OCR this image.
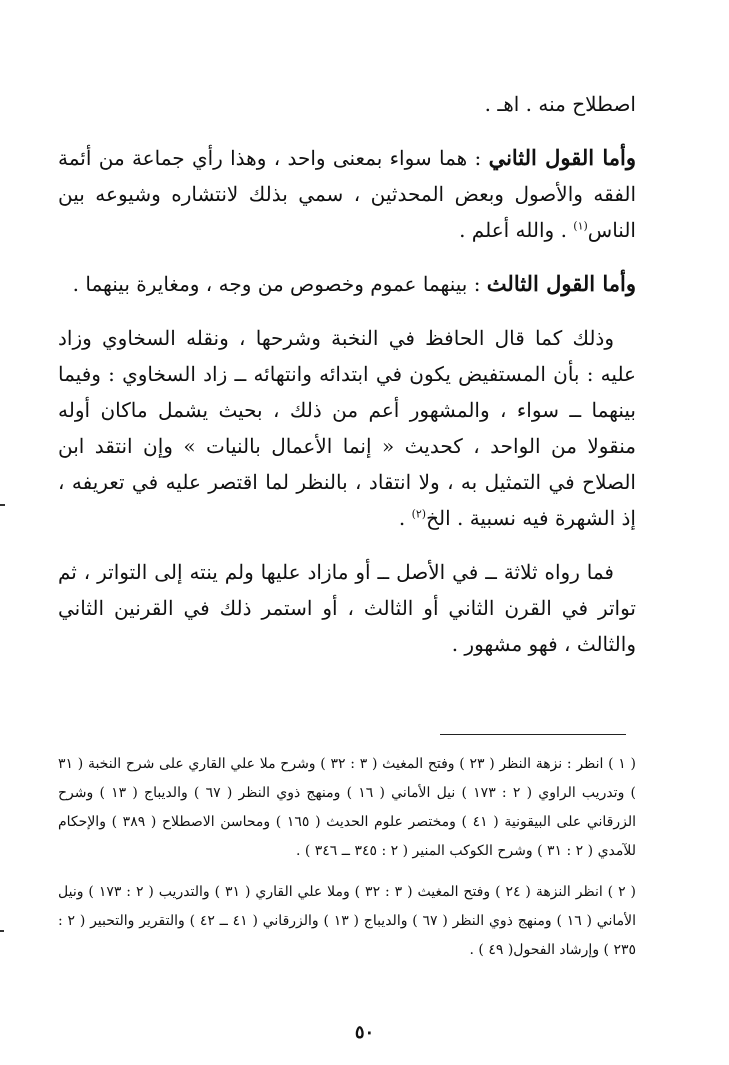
اصطلاح منه . اهـ .

وأما القول الثاني : هما سواء بمعنى واحد ، وهذا رأي جماعة من أئمة الفقه والأصول وبعض المحدثين ، سمي بذلك لانتشاره وشيوعه بين الناس$^{(١)}$ . والله أعلم .

وأما القول الثالث : بينهما عموم وخصوص من وجه ، ومغايرة بينهما .

وذلك كما قال الحافظ في النخبة وشرحها ، ونقله السخاوي وزاد عليه : بأن المستفيض يكون في ابتدائه وانتهائه ــ زاد السخاوي : وفيما بينهما ــ سواء ، والمشهور أعم من ذلك ، بحيث يشمل ماكان أوله منقولا من الواحد ، كحديث « إنما الأعمال بالنيات » وإن انتقد ابن الصلاح في التمثيل به ، ولا انتقاد ، بالنظر لما اقتصر عليه في تعريفه ، إذ الشهرة فيه نسبية . الخ$^{(٢)}$ .

فما رواه ثلاثة ــ في الأصل ــ أو مازاد عليها ولم ينته إلى التواتر ، ثم تواتر في القرن الثاني أو الثالث ، أو استمر ذلك في القرنين الثاني والثالث ، فهو مشهور .

( ١ ) انظر : نزهة النظر ( ٢٣ ) وفتح المغيث ( ٣ : ٣٢ ) وشرح ملا علي القاري على شرح النخبة ( ٣١ ) وتدريب الراوي ( ٢ : ١٧٣ ) نيل الأماني ( ١٦ ) ومنهج ذوي النظر ( ٦٧ ) والديباج ( ١٣ ) وشرح الزرقاني على البيقونية ( ٤١ ) ومختصر علوم الحديث ( ١٦٥ ) ومحاسن الاصطلاح ( ٣٨٩ ) والإحكام للآمدي ( ٢ : ٣١ ) وشرح الكوكب المنير ( ٢ : ٣٤٥ ــ ٣٤٦ ) .

( ٢ ) انظر النزهة ( ٢٤ ) وفتح المغيث ( ٣ : ٣٢ ) وملا علي القاري ( ٣١ ) والتدريب ( ٢ : ١٧٣ ) ونيل الأماني ( ١٦ ) ومنهج ذوي النظر ( ٦٧ ) والديباج ( ١٣ ) والزرقاني ( ٤١ ــ ٤٢ ) والتقرير والتحبير ( ٢ : ٢٣٥ ) وإرشاد الفحول( ٤٩ ) .

٥٠
